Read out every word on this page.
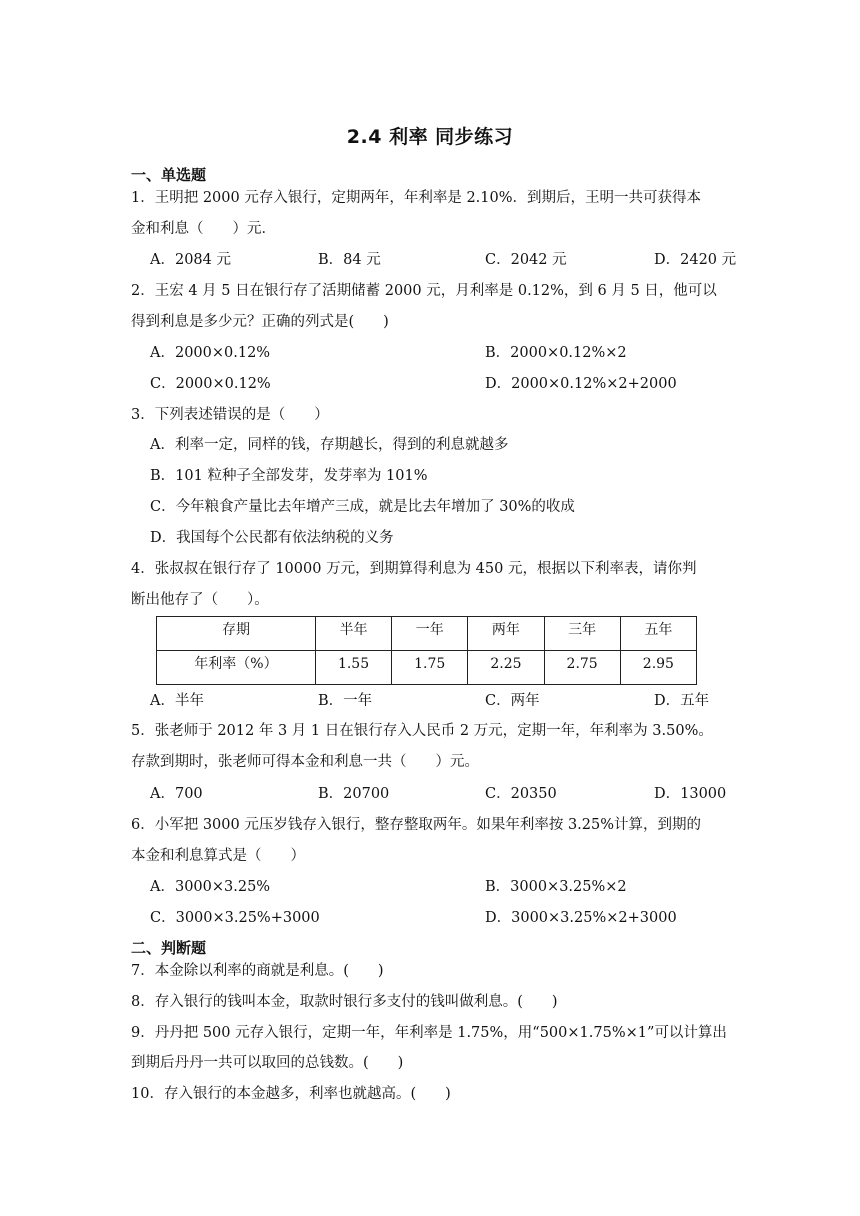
2.4 利率 同步练习
一、单选题
1．王明把 2000 元存入银行，定期两年，年利率是 2.10%．到期后，王明一共可获得本
金和利息（　　）元．
A．2084 元	B．84 元	C．2042 元	D．2420 元
2．王宏 4 月 5 日在银行存了活期储蓄 2000 元，月利率是 0.12%，到 6 月 5 日，他可以
得到利息是多少元？正确的列式是(　　)
A．2000×0.12%	B．2000×0.12%×2
C．2000×0.12%	D．2000×0.12%×2+2000
3．下列表述错误的是（　　）
A．利率一定，同样的钱，存期越长，得到的利息就越多
B．101 粒种子全部发芽，发芽率为 101%
C．今年粮食产量比去年增产三成，就是比去年增加了 30%的收成
D．我国每个公民都有依法纳税的义务
4．张叔叔在银行存了 10000 万元，到期算得利息为 450 元，根据以下利率表，请你判
断出他存了（　　）。
存期	半年	一年	两年	三年	五年
年利率（%）	1.55	1.75	2.25	2.75	2.95
A．半年	B．一年	C．两年	D．五年
5．张老师于 2012 年 3 月 1 日在银行存入人民币 2 万元，定期一年，年利率为 3.50%。
存款到期时，张老师可得本金和利息一共（　　）元。
A．700	B．20700	C．20350	D．13000
6．小军把 3000 元压岁钱存入银行，整存整取两年。如果年利率按 3.25%计算，到期的
本金和利息算式是（　　）
A．3000×3.25%	B．3000×3.25%×2
C．3000×3.25%+3000	D．3000×3.25%×2+3000
二、判断题
7．本金除以利率的商就是利息。(　　)
8．存入银行的钱叫本金，取款时银行多支付的钱叫做利息。(　　)
9．丹丹把 500 元存入银行，定期一年，年利率是 1.75%，用“500×1.75%×1”可以计算出
到期后丹丹一共可以取回的总钱数。(　　)
10．存入银行的本金越多，利率也就越高。(　　)
